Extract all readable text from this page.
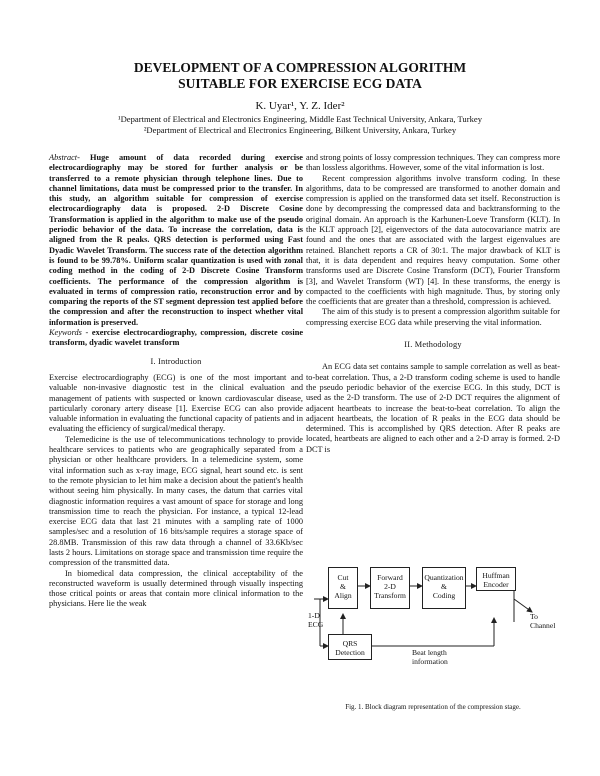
DEVELOPMENT OF A COMPRESSION ALGORITHM
SUITABLE FOR EXERCISE ECG DATA
K. Uyar¹, Y. Z. Ider²
¹Department of Electrical and Electronics Engineering, Middle East Technical University, Ankara, Turkey
²Department of Electrical and Electronics Engineering, Bilkent University, Ankara, Turkey

Abstract- Huge amount of data recorded during exercise electrocardiography may be stored for further analysis or be transferred to a remote physician through telephone lines. Due to channel limitations, data must be compressed prior to the transfer. In this study, an algorithm suitable for compression of exercise electrocardiography data is proposed. 2-D Discrete Cosine Transformation is applied in the algorithm to make use of the pseudo periodic behavior of the data. To increase the correlation, data is aligned from the R peaks. QRS detection is performed using Fast Dyadic Wavelet Transform. The success rate of the detection algorithm is found to be 99.78%. Uniform scalar quantization is used with zonal coding method in the coding of 2-D Discrete Cosine Transform coefficients. The performance of the compression algorithm is evaluated in terms of compression ratio, reconstruction error and by comparing the reports of the ST segment depression test applied before the compression and after the reconstruction to inspect whether vital information is preserved.

Keywords - exercise electrocardiography, compression, discrete cosine transform, dyadic wavelet transform

I. Introduction

Exercise electrocardiography (ECG) is one of the most important and valuable non-invasive diagnostic test in the clinical evaluation and management of patients with suspected or known cardiovascular disease, particularly coronary artery disease [1]. Exercise ECG can also provide valuable information in evaluating the functional capacity of patients and in evaluating the efficiency of surgical/medical therapy.

Telemedicine is the use of telecommunications technology to provide healthcare services to patients who are geographically separated from a physician or other healthcare providers. In a telemedicine system, some vital information such as x-ray image, ECG signal, heart sound etc. is sent to the remote physician to let him make a decision about the patient's health without seeing him physically. In many cases, the datum that carries vital diagnostic information requires a vast amount of space for storage and long transmission time to reach the physician. For instance, a typical 12-lead exercise ECG data that last 21 minutes with a sampling rate of 1000 samples/sec and a resolution of 16 bits/sample requires a storage space of 28.8MB. Transmission of this raw data through a channel of 33.6Kb/sec lasts 2 hours. Limitations on storage space and transmission time require the compression of the transmitted data.

In biomedical data compression, the clinical acceptability of the reconstructed waveform is usually determined through visually inspecting those critical points or areas that contain more clinical information to the physicians. Here lie the weak

and strong points of lossy compression techniques. They can compress more than lossless algorithms. However, some of the vital information is lost.

Recent compression algorithms involve transform coding. In these algorithms, data to be compressed are transformed to another domain and compression is applied on the transformed data set itself. Reconstruction is done by decompressing the compressed data and backtransforming to the original domain. An approach is the Karhunen-Loeve Transform (KLT). In the KLT approach [2], eigenvectors of the data autocovariance matrix are found and the ones that are associated with the largest eigenvalues are retained. Blanchett reports a CR of 30:1. The major drawback of KLT is that, it is data dependent and requires heavy computation. Some other transforms used are Discrete Cosine Transform (DCT), Fourier Transform [3], and Wavelet Transform (WT) [4]. In these transforms, the energy is compacted to the coefficients with high magnitude. Thus, by storing only the coefficients that are greater than a threshold, compression is achieved.

The aim of this study is to present a compression algorithm suitable for compressing exercise ECG data while preserving the vital information.

II. Methodology

An ECG data set contains sample to sample correlation as well as beat-to-beat correlation. Thus, a 2-D transform coding scheme is used to handle the pseudo periodic behavior of the exercise ECG. In this study, DCT is used as the 2-D transform. The use of 2-D DCT requires the alignment of adjacent heartbeats to increase the beat-to-beat correlation. To align the adjacent heartbeats, the location of R peaks in the ECG data should be determined. This is accomplished by QRS detection. After R peaks are located, heartbeats are aligned to each other and a 2-D array is formed. 2-D DCT is

Cut
&
Align
Forward
2-D
Transform
Quantization
&
Coding
Huffman
Encoder
QRS
Detection
1-D
ECG
To
Channel
Beat length
information
Fig. 1. Block diagram representation of the compression stage.
